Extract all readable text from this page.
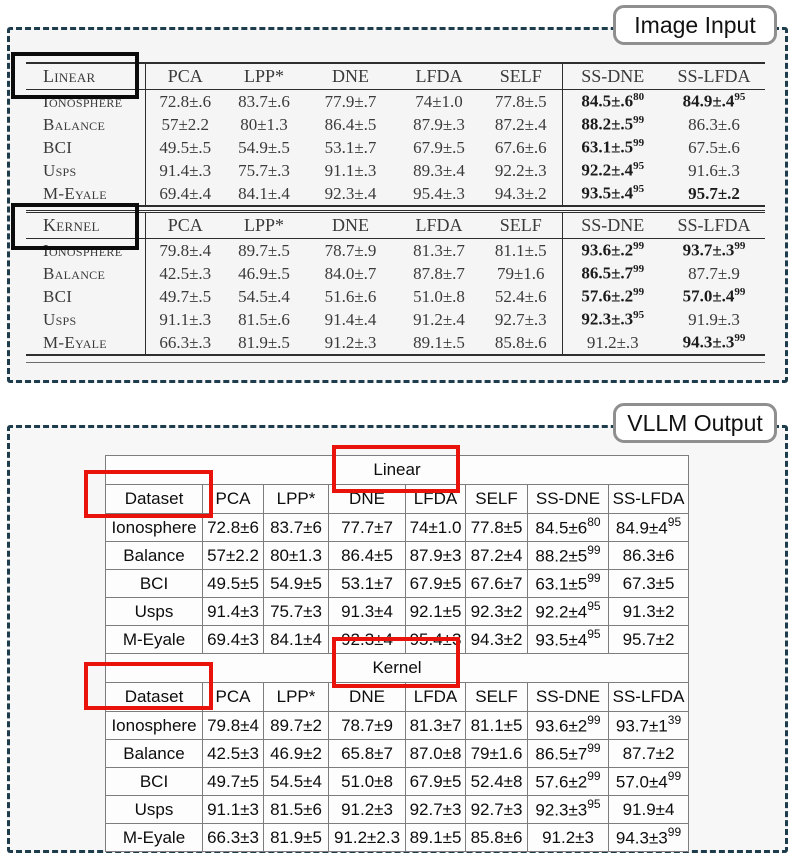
Linear	PCA	LPP*	DNE	LFDA	SELF	SS-DNE	SS-LFDA
Ionosphere	72.8±.6	83.7±.6	77.9±.7	74±1.0	77.8±.5	$84.5\pm.6^{80}$	$84.9\pm.4^{95}$
Balance	57±2.2	80±1.3	86.4±.5	87.9±.3	87.2±.4	$88.2\pm.5^{99}$	86.3±.6
BCI	49.5±.5	54.9±.5	53.1±.7	67.9±.5	67.6±.6	$63.1\pm.5^{99}$	67.5±.6
Usps	91.4±.3	75.7±.3	91.1±.3	89.3±.4	92.2±.3	$92.2\pm.4^{95}$	91.6±.3
M-Eyale	69.4±.4	84.1±.4	92.3±.4	95.4±.3	94.3±.2	$93.5\pm.4^{95}$	95.7±.2
Kernel	PCA	LPP*	DNE	LFDA	SELF	SS-DNE	SS-LFDA
Ionosphere	79.8±.4	89.7±.5	78.7±.9	81.3±.7	81.1±.5	$93.6\pm.2^{99}$	$93.7\pm.3^{99}$
Balance	42.5±.3	46.9±.5	84.0±.7	87.8±.7	79±1.6	$86.5\pm.7^{99}$	87.7±.9
BCI	49.7±.5	54.5±.4	51.6±.6	51.0±.8	52.4±.6	$57.6\pm.2^{99}$	$57.0\pm.4^{99}$
Usps	91.1±.3	81.5±.6	91.4±.4	91.2±.4	92.7±.3	$92.3\pm.3^{95}$	91.9±.3
M-Eyale	66.3±.3	81.9±.5	91.2±.3	89.1±.5	85.8±.6	91.2±.3	$94.3\pm.3^{99}$
Image Input
Linear							
Dataset	PCA	LPP*	DNE	LFDA	SELF	SS-DNE	SS-LFDA
Ionosphere	72.8±6	83.7±6	77.7±7	74±1.0	77.8±5	$84.5\pm 6^{80}$	$84.9\pm 4^{95}$
Balance	57±2.2	80±1.3	86.4±5	87.9±3	87.2±4	$88.2\pm 5^{99}$	86.3±6
BCI	49.5±5	54.9±5	53.1±7	67.9±5	67.6±7	$63.1\pm 5^{99}$	67.3±5
Usps	91.4±3	75.7±3	91.3±4	92.1±5	92.3±2	$92.2\pm 4^{95}$	91.3±2
M-Eyale	69.4±3	84.1±4	92.3±4	95.4±3	94.3±2	$93.5\pm 4^{95}$	95.7±2
Kernel							
Dataset	PCA	LPP*	DNE	LFDA	SELF	SS-DNE	SS-LFDA
Ionosphere	79.8±4	89.7±2	78.7±9	81.3±7	81.1±5	$93.6\pm 2^{99}$	$93.7\pm 1^{39}$
Balance	42.5±3	46.9±2	65.8±7	87.0±8	79±1.6	$86.5\pm 7^{99}$	87.7±2
BCI	49.7±5	54.5±4	51.0±8	67.9±5	52.4±8	$57.6\pm 2^{99}$	$57.0\pm 4^{99}$
Usps	91.1±3	81.5±6	91.2±3	92.7±3	92.7±3	$92.3\pm 3^{95}$	91.9±4
M-Eyale	66.3±3	81.9±5	91.2±2.3	89.1±5	85.8±6	91.2±3	$94.3\pm 3^{99}$
VLLM Output
